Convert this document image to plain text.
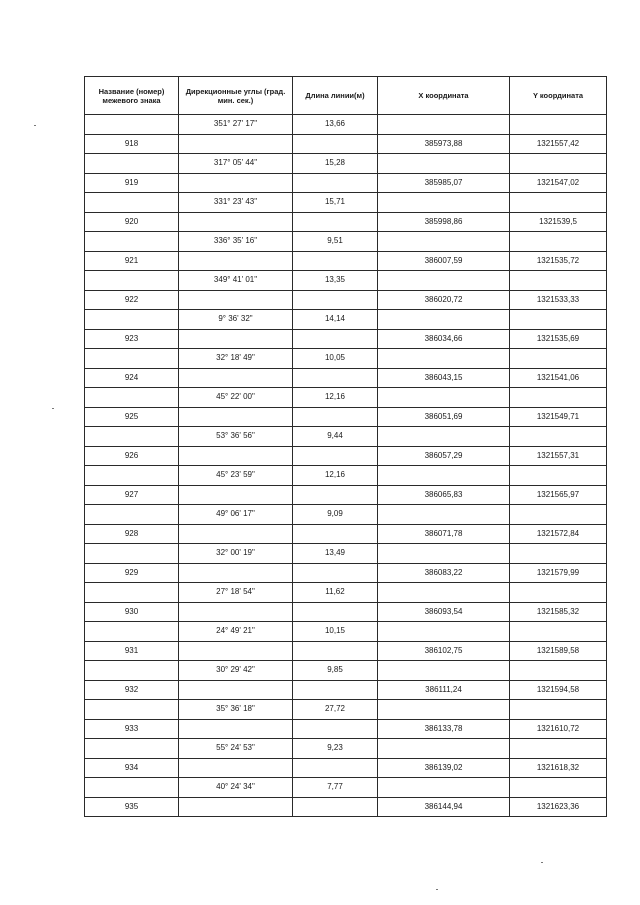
Название (номер) межевого знака	Дирекционные углы (град. мин. сек.)	Длина линии(м)	X координата	Y координата
	351° 27' 17"	13,66		
918			385973,88	1321557,42
	317° 05' 44"	15,28		
919			385985,07	1321547,02
	331° 23' 43"	15,71		
920			385998,86	1321539,5
	336° 35' 16"	9,51		
921			386007,59	1321535,72
	349° 41' 01"	13,35		
922			386020,72	1321533,33
	9° 36' 32"	14,14		
923			386034,66	1321535,69
	32° 18' 49"	10,05		
924			386043,15	1321541,06
	45° 22' 00"	12,16		
925			386051,69	1321549,71
	53° 36' 56"	9,44		
926			386057,29	1321557,31
	45° 23' 59"	12,16		
927			386065,83	1321565,97
	49° 06' 17"	9,09		
928			386071,78	1321572,84
	32° 00' 19"	13,49		
929			386083,22	1321579,99
	27° 18' 54"	11,62		
930			386093,54	1321585,32
	24° 49' 21"	10,15		
931			386102,75	1321589,58
	30° 29' 42"	9,85		
932			386111,24	1321594,58
	35° 36' 18"	27,72		
933			386133,78	1321610,72
	55° 24' 53"	9,23		
934			386139,02	1321618,32
	40° 24' 34"	7,77		
935			386144,94	1321623,36
